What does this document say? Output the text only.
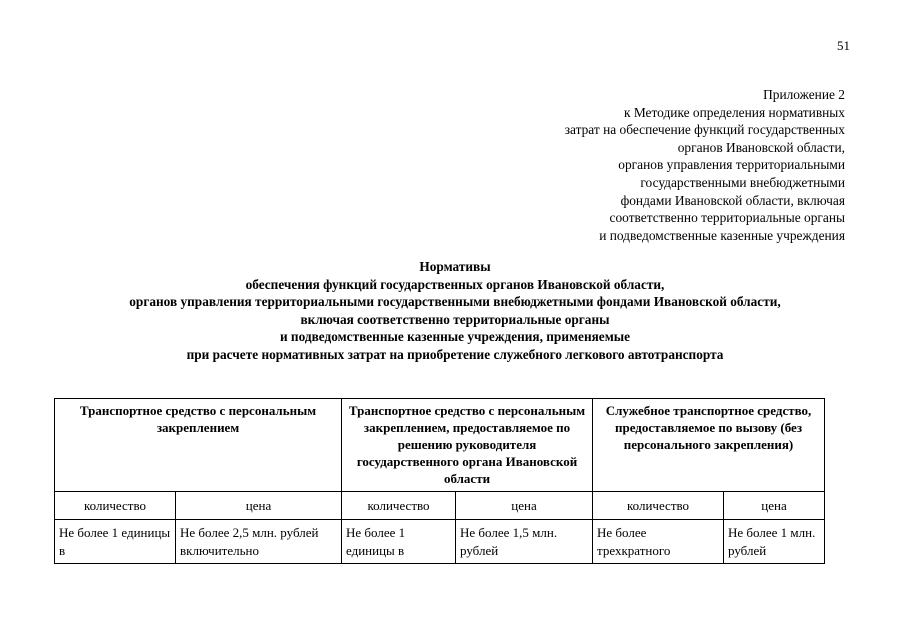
51
Приложение 2
к Методике определения нормативных
затрат на обеспечение функций государственных
органов Ивановской области,
органов управления территориальными
государственными внебюджетными
фондами Ивановской области, включая
соответственно территориальные органы
и подведомственные казенные учреждения
Нормативы
обеспечения функций государственных органов Ивановской области,
органов управления территориальными государственными внебюджетными фондами Ивановской области,
включая соответственно территориальные органы
и подведомственные казенные учреждения, применяемые
при расчете нормативных затрат на приобретение служебного легкового автотранспорта
Транспортное средство с персональным закреплением		Транспортное средство с персональным закреплением, предоставляемое по решению руководителя государственного органа Ивановской области		Служебное транспортное средство, предоставляемое по вызову (без персонального закрепления)	
количество	цена	количество	цена	количество	цена
Не более 1 единицы в	Не более 2,5 млн. рублей включительно	Не более 1 единицы в	Не более 1,5 млн. рублей	Не более трехкратного	Не более 1 млн. рублей
